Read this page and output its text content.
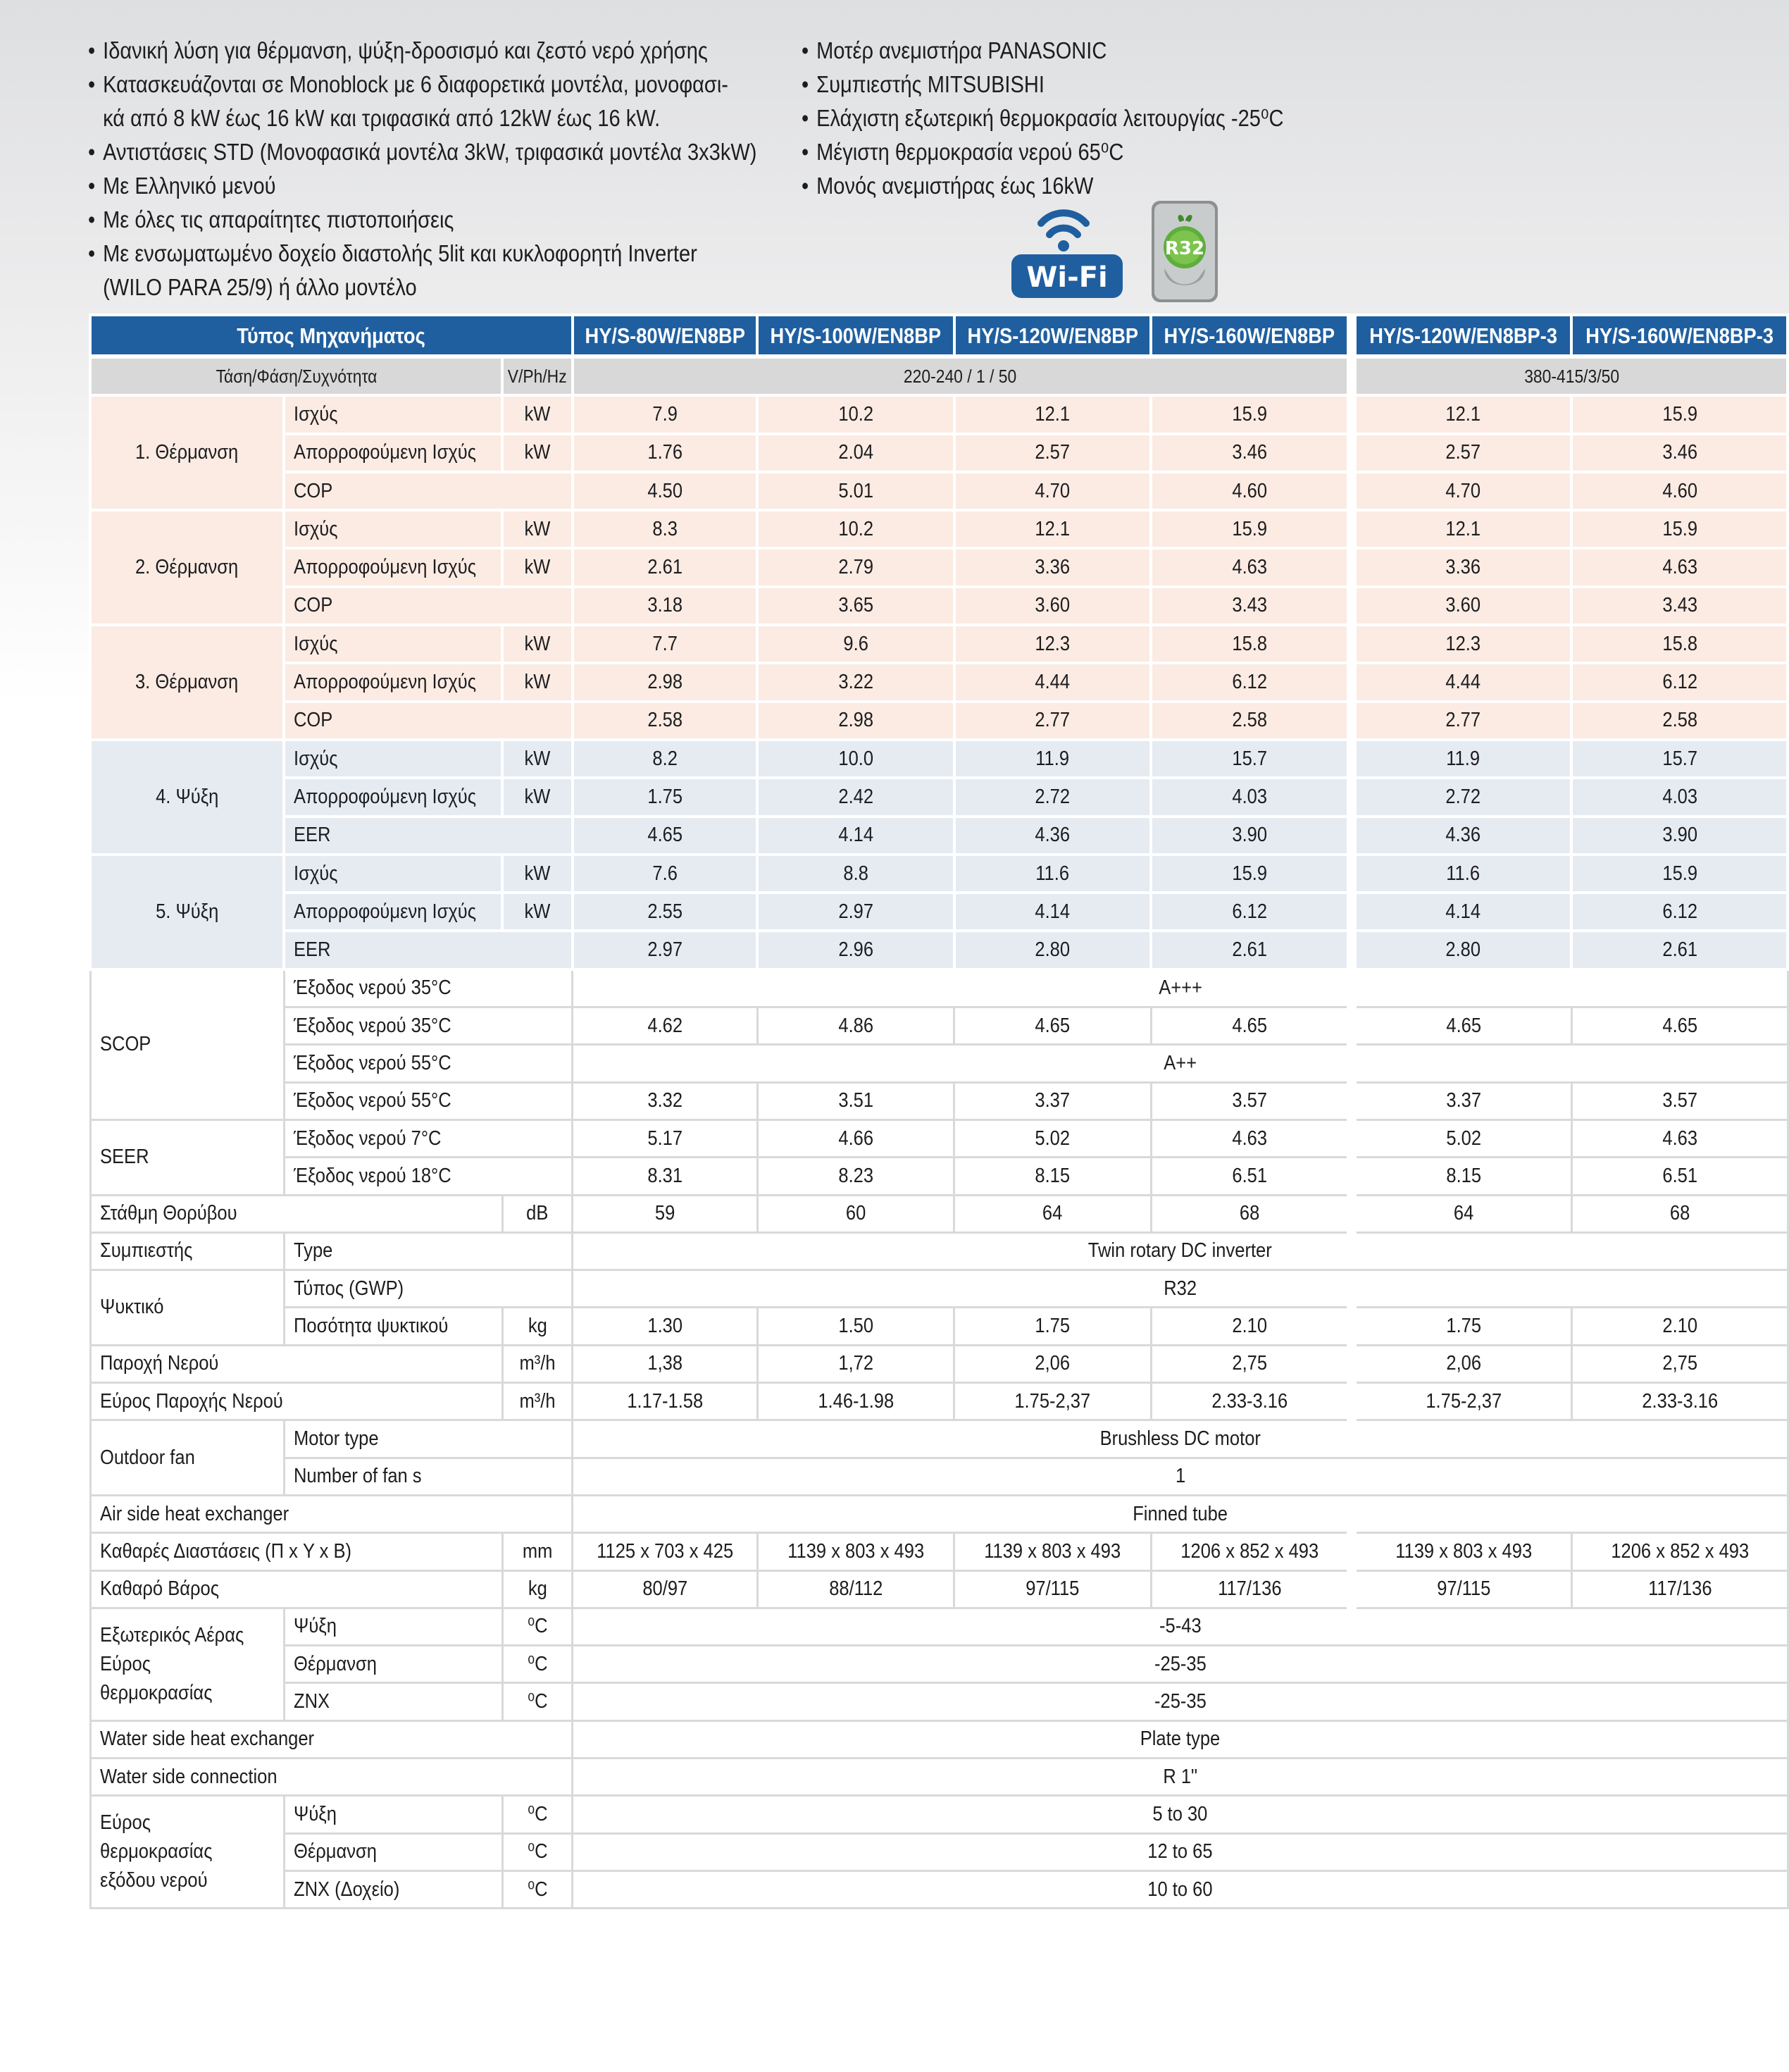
• Ιδανική λύση για θέρμανση, ψύξη-δροσισμό και ζεστό νερό χρήσης
• Κατασκευάζονται σε Monoblock με 6 διαφορετικά μοντέλα, μονοφασι-
κά από 8 kW έως 16 kW και τριφασικά από 12kW έως 16 kW.
• Αντιστάσεις STD (Μονοφασικά μοντέλα 3kW, τριφασικά μοντέλα 3x3kW)
• Με Ελληνικό μενού
• Με όλες τις απαραίτητες πιστοποιήσεις
• Με ενσωματωμένο δοχείο διαστολής 5lit και κυκλοφορητή Inverter
(WILO PARA 25/9) ή άλλο μοντέλο
• Μοτέρ ανεμιστήρα PANASONIC
• Συμπιεστής MITSUBISHI
• Ελάχιστη εξωτερική θερμοκρασία λειτουργίας -25⁰C
• Μέγιστη θερμοκρασία νερού 65⁰C
• Μονός ανεμιστήρας έως 16kW
Wi-Fi
R32
Τύπος Μηχανήματος			HY/S-80W/EN8BP	HY/S-100W/EN8BP	HY/S-120W/EN8BP	HY/S-160W/EN8BP	HY/S-120W/EN8BP-3	HY/S-160W/EN8BP-3
Τάση/Φάση/Συχνότητα		V/Ph/Hz	220-240 / 1 / 50				380-415/3/50	
1. Θέρμανση	Ισχύς	kW	7.9	10.2	12.1	15.9	12.1	15.9
	Απορροφούμενη Ισχύς	kW	1.76	2.04	2.57	3.46	2.57	3.46
	COP		4.50	5.01	4.70	4.60	4.70	4.60
2. Θέρμανση	Ισχύς	kW	8.3	10.2	12.1	15.9	12.1	15.9
	Απορροφούμενη Ισχύς	kW	2.61	2.79	3.36	4.63	3.36	4.63
	COP		3.18	3.65	3.60	3.43	3.60	3.43
3. Θέρμανση	Ισχύς	kW	7.7	9.6	12.3	15.8	12.3	15.8
	Απορροφούμενη Ισχύς	kW	2.98	3.22	4.44	6.12	4.44	6.12
	COP		2.58	2.98	2.77	2.58	2.77	2.58
4. Ψύξη	Ισχύς	kW	8.2	10.0	11.9	15.7	11.9	15.7
	Απορροφούμενη Ισχύς	kW	1.75	2.42	2.72	4.03	2.72	4.03
	EER		4.65	4.14	4.36	3.90	4.36	3.90
5. Ψύξη	Ισχύς	kW	7.6	8.8	11.6	15.9	11.6	15.9
	Απορροφούμενη Ισχύς	kW	2.55	2.97	4.14	6.12	4.14	6.12
	EER		2.97	2.96	2.80	2.61	2.80	2.61
SCOP	Έξοδος νερού 35°C		A+++					
	Έξοδος νερού 35°C		4.62	4.86	4.65	4.65	4.65	4.65
	Έξοδος νερού 55°C		A++					
	Έξοδος νερού 55°C		3.32	3.51	3.37	3.57	3.37	3.57
SEER	Έξοδος νερού 7°C		5.17	4.66	5.02	4.63	5.02	4.63
	Έξοδος νερού 18°C		8.31	8.23	8.15	6.51	8.15	6.51
Στάθμη Θορύβου		dB	59	60	64	68	64	68
Συμπιεστής	Type		Twin rotary DC inverter					
Ψυκτικό	Τύπος (GWP)		R32					
	Ποσότητα ψυκτικού	kg	1.30	1.50	1.75	2.10	1.75	2.10
Παροχή Νερού		m³/h	1,38	1,72	2,06	2,75	2,06	2,75
Εύρος Παροχής Νερού		m³/h	1.17-1.58	1.46-1.98	1.75-2,37	2.33-3.16	1.75-2,37	2.33-3.16
Outdoor fan	Motor type		Brushless DC motor					
	Number of fan s		1					
Air side heat exchanger			Finned tube					
Καθαρές Διαστάσεις (Π x Υ x Β)		mm	1125 x 703 x 425	1139 x 803 x 493	1139 x 803 x 493	1206 x 852 x 493	1139 x 803 x 493	1206 x 852 x 493
Καθαρό Βάρος		kg	80/97	88/112	97/115	117/136	97/115	117/136

Εξωτερικός Αέρας Εύρος θερμοκρασίας	Ψύξη	⁰C	-5-43					
	Θέρμανση	⁰C	-25-35					
	ZNX	⁰C	-25-35					
Water side heat exchanger			Plate type					
Water side connection			R 1"					

Εύρος θερμοκρασίας εξόδου νερού	Ψύξη	⁰C	5 to 30					
	Θέρμανση	⁰C	12 to 65					
	ZNX (Δοχείο)	⁰C	10 to 60					
